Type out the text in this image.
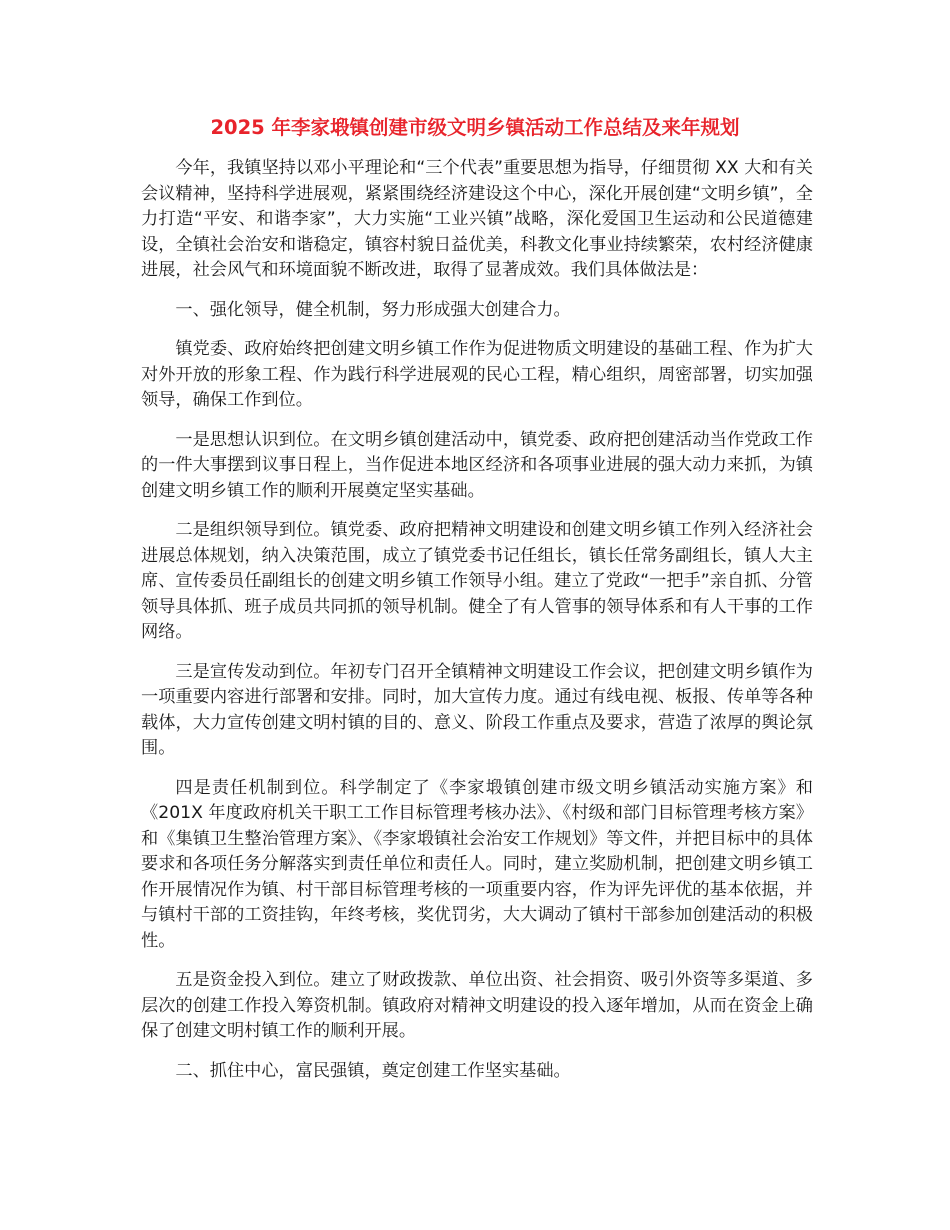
2025 年李家塅镇创建市级文明乡镇活动工作总结及来年规划

今年，我镇坚持以邓小平理论和“三个代表”重要思想为指导，仔细贯彻 XX 大和有关会议精神，坚持科学进展观，紧紧围绕经济建设这个中心，深化开展创建“文明乡镇”，全力打造“平安、和谐李家”，大力实施“工业兴镇”战略，深化爱国卫生运动和公民道德建设，全镇社会治安和谐稳定，镇容村貌日益优美，科教文化事业持续繁荣，农村经济健康进展，社会风气和环境面貌不断改进，取得了显著成效。我们具体做法是：

一、强化领导，健全机制，努力形成强大创建合力。

镇党委、政府始终把创建文明乡镇工作作为促进物质文明建设的基础工程、作为扩大对外开放的形象工程、作为践行科学进展观的民心工程，精心组织，周密部署，切实加强领导，确保工作到位。

一是思想认识到位。在文明乡镇创建活动中，镇党委、政府把创建活动当作党政工作的一件大事摆到议事日程上，当作促进本地区经济和各项事业进展的强大动力来抓，为镇创建文明乡镇工作的顺利开展奠定坚实基础。

二是组织领导到位。镇党委、政府把精神文明建设和创建文明乡镇工作列入经济社会进展总体规划，纳入决策范围，成立了镇党委书记任组长，镇长任常务副组长，镇人大主席、宣传委员任副组长的创建文明乡镇工作领导小组。建立了党政“一把手”亲自抓、分管领导具体抓、班子成员共同抓的领导机制。健全了有人管事的领导体系和有人干事的工作网络。

三是宣传发动到位。年初专门召开全镇精神文明建设工作会议，把创建文明乡镇作为一项重要内容进行部署和安排。同时，加大宣传力度。通过有线电视、板报、传单等各种载体，大力宣传创建文明村镇的目的、意义、阶段工作重点及要求，营造了浓厚的舆论氛围。

四是责任机制到位。科学制定了《李家塅镇创建市级文明乡镇活动实施方案》和《201X 年度政府机关干职工工作目标管理考核办法》、《村级和部门目标管理考核方案》和《集镇卫生整治管理方案》、《李家塅镇社会治安工作规划》等文件，并把目标中的具体要求和各项任务分解落实到责任单位和责任人。同时，建立奖励机制，把创建文明乡镇工作开展情况作为镇、村干部目标管理考核的一项重要内容，作为评先评优的基本依据，并与镇村干部的工资挂钩，年终考核，奖优罚劣，大大调动了镇村干部参加创建活动的积极性。

五是资金投入到位。建立了财政拨款、单位出资、社会捐资、吸引外资等多渠道、多层次的创建工作投入筹资机制。镇政府对精神文明建设的投入逐年增加，从而在资金上确保了创建文明村镇工作的顺利开展。

二、抓住中心，富民强镇，奠定创建工作坚实基础。
